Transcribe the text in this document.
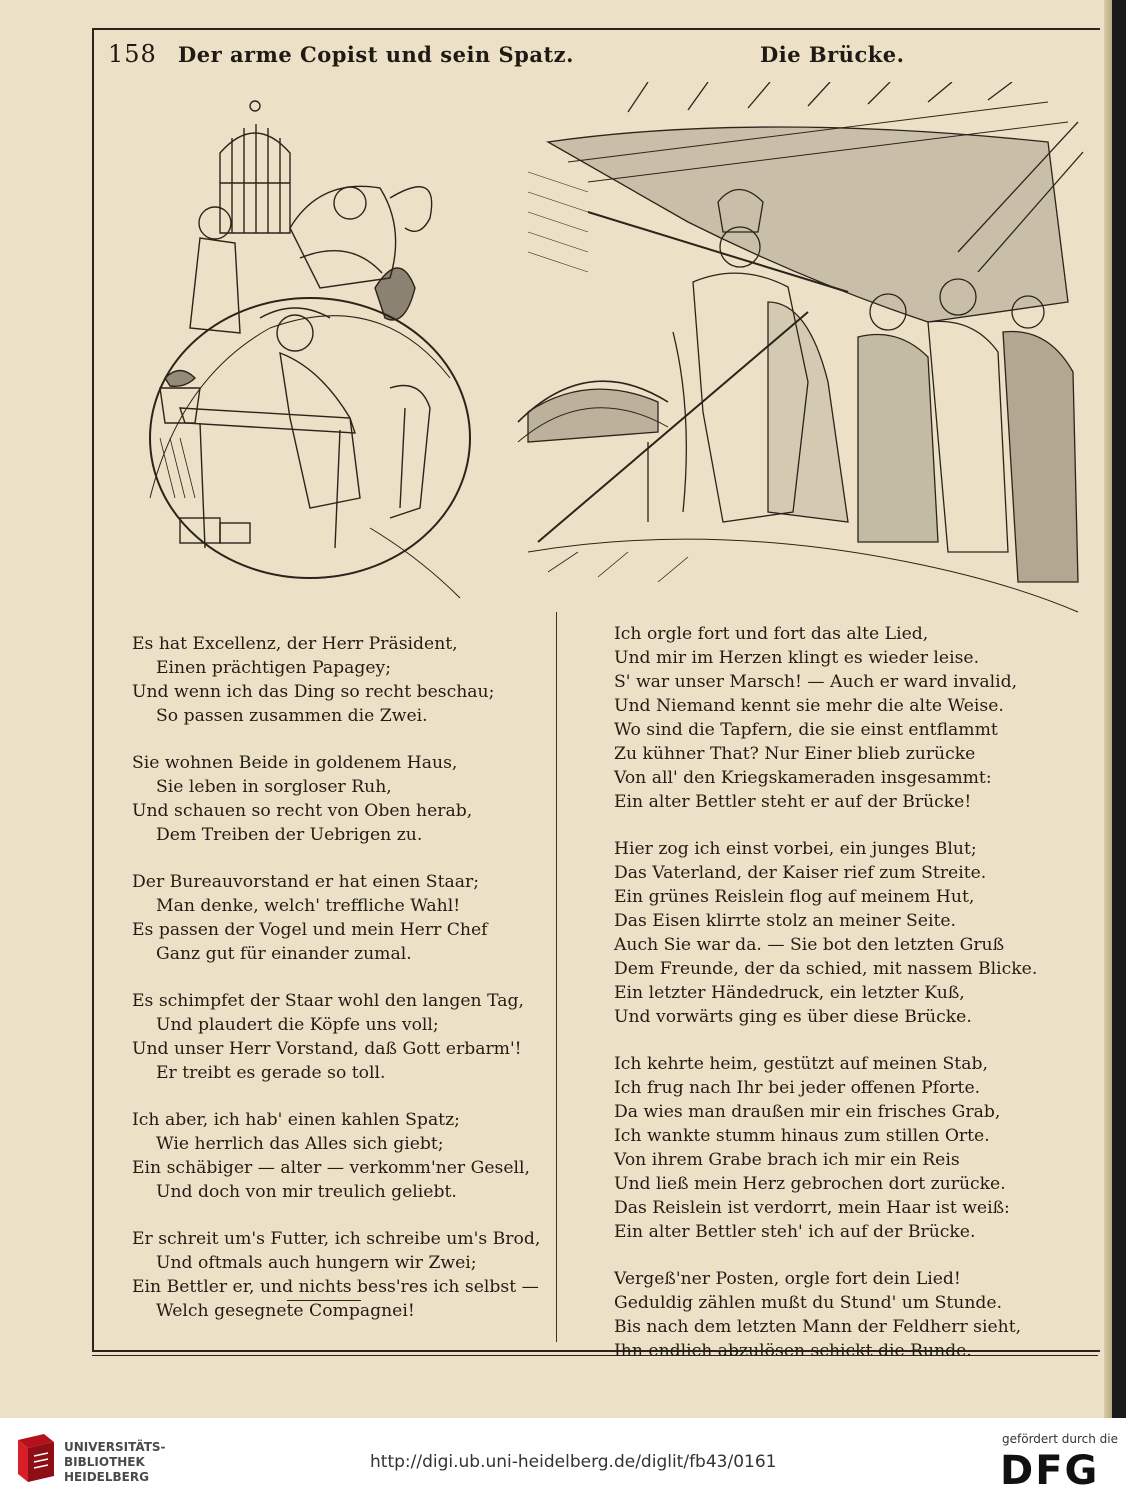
158 Der arme Copist und sein Spatz.	Die Brücke.
Es hat Excellenz, der Herr Präsident,
Einen prächtigen Papagey;
Und wenn ich das Ding so recht beschau;
So passen zusammen die Zwei.
Sie wohnen Beide in goldenem Haus,
Sie leben in sorgloser Ruh,
Und schauen so recht von Oben herab,
Dem Treiben der Uebrigen zu.
Der Bureauvorstand er hat einen Staar;
Man denke, welch' treffliche Wahl!
Es passen der Vogel und mein Herr Chef
Ganz gut für einander zumal.
Es schimpfet der Staar wohl den langen Tag,
Und plaudert die Köpfe uns voll;
Und unser Herr Vorstand, daß Gott erbarm'!
Er treibt es gerade so toll.
Ich aber, ich hab' einen kahlen Spatz;
Wie herrlich das Alles sich giebt;
Ein schäbiger — alter — verkomm'ner Gesell,
Und doch von mir treulich geliebt.
Er schreit um's Futter, ich schreibe um's Brod,
Und oftmals auch hungern wir Zwei;
Ein Bettler er, und nichts bess'res ich selbst —
Welch gesegnete Compagnei!
Ich orgle fort und fort das alte Lied,
Und mir im Herzen klingt es wieder leise.
S' war unser Marsch! — Auch er ward invalid,
Und Niemand kennt sie mehr die alte Weise.
Wo sind die Tapfern, die sie einst entflammt
Zu kühner That? Nur Einer blieb zurücke
Von all' den Kriegskameraden insgesammt:
Ein alter Bettler steht er auf der Brücke!
Hier zog ich einst vorbei, ein junges Blut;
Das Vaterland, der Kaiser rief zum Streite.
Ein grünes Reislein flog auf meinem Hut,
Das Eisen klirrte stolz an meiner Seite.
Auch Sie war da. — Sie bot den letzten Gruß
Dem Freunde, der da schied, mit nassem Blicke.
Ein letzter Händedruck, ein letzter Kuß,
Und vorwärts ging es über diese Brücke.
Ich kehrte heim, gestützt auf meinen Stab,
Ich frug nach Ihr bei jeder offenen Pforte.
Da wies man draußen mir ein frisches Grab,
Ich wankte stumm hinaus zum stillen Orte.
Von ihrem Grabe brach ich mir ein Reis
Und ließ mein Herz gebrochen dort zurücke.
Das Reislein ist verdorrt, mein Haar ist weiß:
Ein alter Bettler steh' ich auf der Brücke.
Vergeß'ner Posten, orgle fort dein Lied!
Geduldig zählen mußt du Stund' um Stunde.
Bis nach dem letzten Mann der Feldherr sieht,
Ihn endlich abzulösen schickt die Runde.
UNIVERSITÄTS-
BIBLIOTHEK
HEIDELBERG
http://digi.ub.uni-heidelberg.de/diglit/fb43/0161
gefördert durch die
DFG
